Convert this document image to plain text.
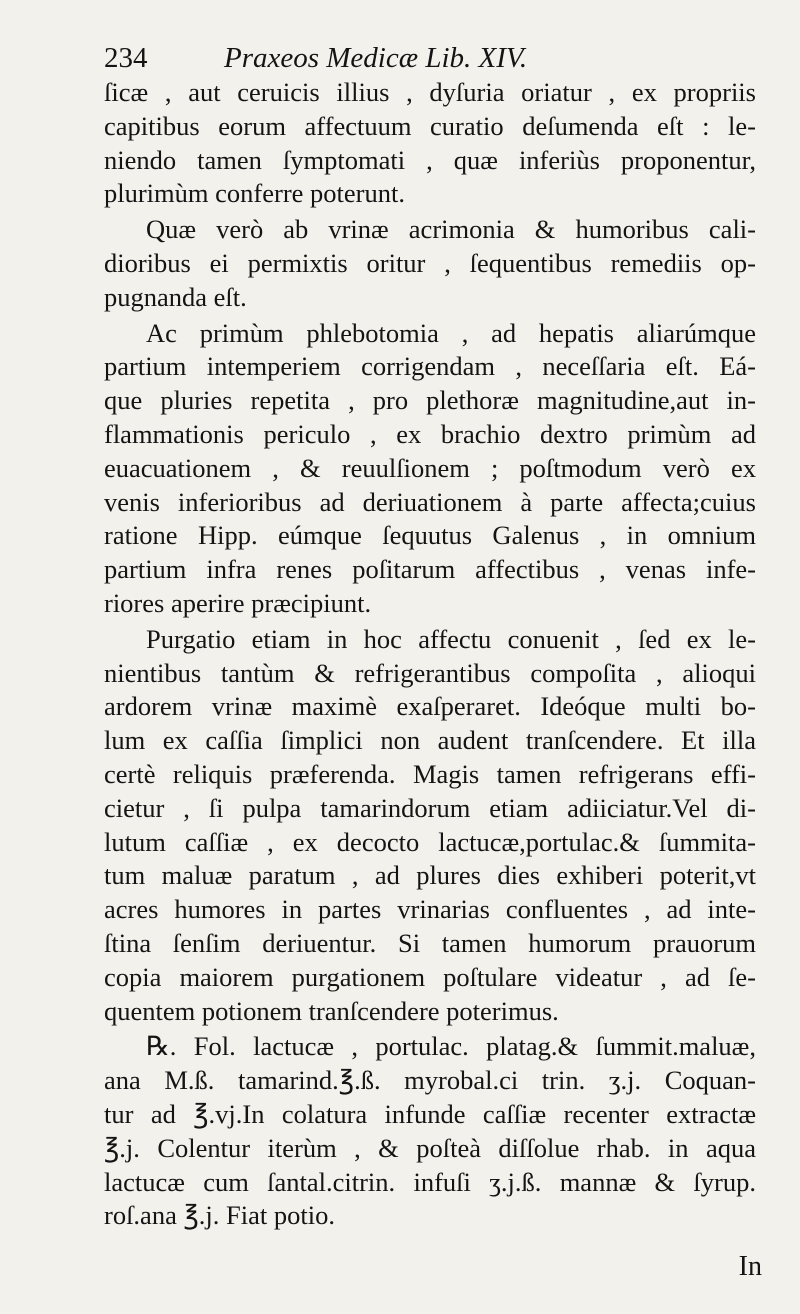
234	Praxeos Medicæ Lib. XIV.
ſicæ , aut ceruicis illius , dyſuria oriatur , ex propriis
capitibus eorum affectuum curatio deſumenda eſt : le-
niendo tamen ſymptomati , quæ inferiùs proponentur,
plurimùm conferre poterunt.
Quæ verò ab vrinæ acrimonia & humoribus cali-
dioribus ei permixtis oritur , ſequentibus remediis op-
pugnanda eſt.
Ac primùm phlebotomia , ad hepatis aliarúmque
partium intemperiem corrigendam , neceſſaria eſt. Eá-
que pluries repetita , pro plethoræ magnitudine,aut in-
flammationis periculo , ex brachio dextro primùm ad
euacuationem , & reuulſionem ; poſtmodum verò ex
venis inferioribus ad deriuationem à parte affecta;cuius
ratione Hipp. eúmque ſequutus Galenus , in omnium
partium infra renes poſitarum affectibus , venas infe-
riores aperire præcipiunt.
Purgatio etiam in hoc affectu conuenit , ſed ex le-
nientibus tantùm & refrigerantibus compoſita , alioqui
ardorem vrinæ maximè exaſperaret. Ideóque multi bo-
lum ex caſſia ſimplici non audent tranſcendere. Et illa
certè reliquis præferenda. Magis tamen refrigerans effi-
cietur , ſi pulpa tamarindorum etiam adiiciatur.Vel di-
lutum caſſiæ , ex decocto lactucæ,portulac.& ſummita-
tum maluæ paratum , ad plures dies exhiberi poterit,vt
acres humores in partes vrinarias confluentes , ad inte-
ſtina ſenſim deriuentur. Si tamen humorum prauorum
copia maiorem purgationem poſtulare videatur , ad ſe-
quentem potionem tranſcendere poterimus.
℞. Fol. lactucæ , portulac. platag.& ſummit.maluæ,
ana M.ß. tamarind.℥.ß. myrobal.ci trin. ʒ.j. Coquan-
tur ad ℥.vj.In colatura infunde caſſiæ recenter extractæ
℥.j. Colentur iterùm , & poſteà diſſolue rhab. in aqua
lactucæ cum ſantal.citrin. infuſi ʒ.j.ß. mannæ & ſyrup.
roſ.ana ℥.j. Fiat potio.
In
